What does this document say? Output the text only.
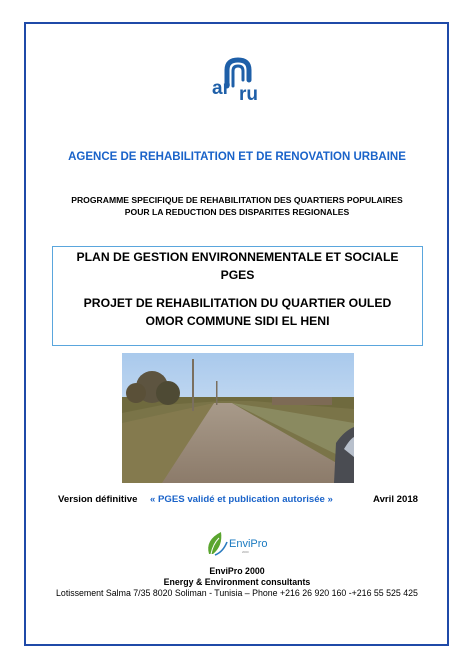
ar ru
AGENCE DE REHABILITATION ET DE RENOVATION URBAINE
PROGRAMME SPECIFIQUE DE REHABILITATION DES QUARTIERS POPULAIRES
POUR LA REDUCTION DES DISPARITES REGIONALES
PLAN DE GESTION ENVIRONNEMENTALE ET SOCIALE
PGES
PROJET DE REHABILITATION DU QUARTIER OULED
OMOR COMMUNE SIDI EL HENI
Version définitive « PGES validé et publication autorisée »	Avril 2018
EnviPro
2000
EnviPro 2000
Energy & Environment consultants
Lotissement Salma 7/35 8020 Soliman - Tunisia – Phone +216 26 920 160 -+216 55 525 425
